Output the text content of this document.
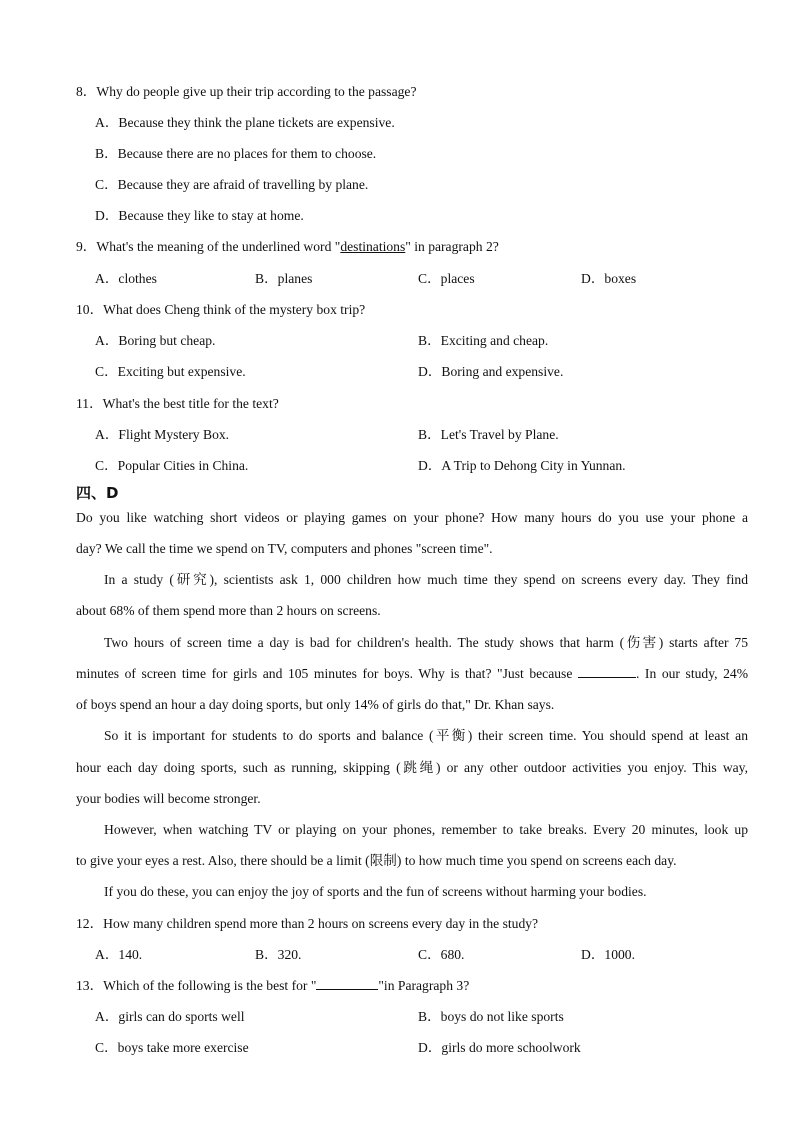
8．Why do people give up their trip according to the passage?
A．Because they think the plane tickets are expensive.
B．Because there are no places for them to choose.
C．Because they are afraid of travelling by plane.
D．Because they like to stay at home.
9．What's the meaning of the underlined word "destinations" in paragraph 2?
A．clothes	B．planes	C．places	D．boxes
10．What does Cheng think of the mystery box trip?
A．Boring but cheap.	B．Exciting and cheap.
C．Exciting but expensive.	D．Boring and expensive.
11．What's the best title for the text?
A．Flight Mystery Box.	B．Let's Travel by Plane.
C．Popular Cities in China.	D．A Trip to Dehong City in Yunnan.
四、D
Do you like watching short videos or playing games on your phone? How many hours do you use your phone a
day? We call the time we spend on TV, computers and phones "screen time".
In a study (研究), scientists ask 1, 000 children how much time they spend on screens every day. They find
about 68% of them spend more than 2 hours on screens.
Two hours of screen time a day is bad for children's health. The study shows that harm (伤害) starts after 75
minutes of screen time for girls and 105 minutes for boys. Why is that? "Just because	. In our study, 24%
of boys spend an hour a day doing sports, but only 14% of girls do that," Dr. Khan says.
So it is important for students to do sports and balance (平衡) their screen time. You should spend at least an
hour each day doing sports, such as running, skipping (跳绳) or any other outdoor activities you enjoy. This way,
your bodies will become stronger.
However, when watching TV or playing on your phones, remember to take breaks. Every 20 minutes, look up
to give your eyes a rest. Also, there should be a limit (限制) to how much time you spend on screens each day.
If you do these, you can enjoy the joy of sports and the fun of screens without harming your bodies.
12．How many children spend more than 2 hours on screens every day in the study?
A．140.	B．320.	C．680.	D．1000.
13．Which of the following is the best for "	"in Paragraph 3?
A．girls can do sports well	B．boys do not like sports
C．boys take more exercise	D．girls do more schoolwork
